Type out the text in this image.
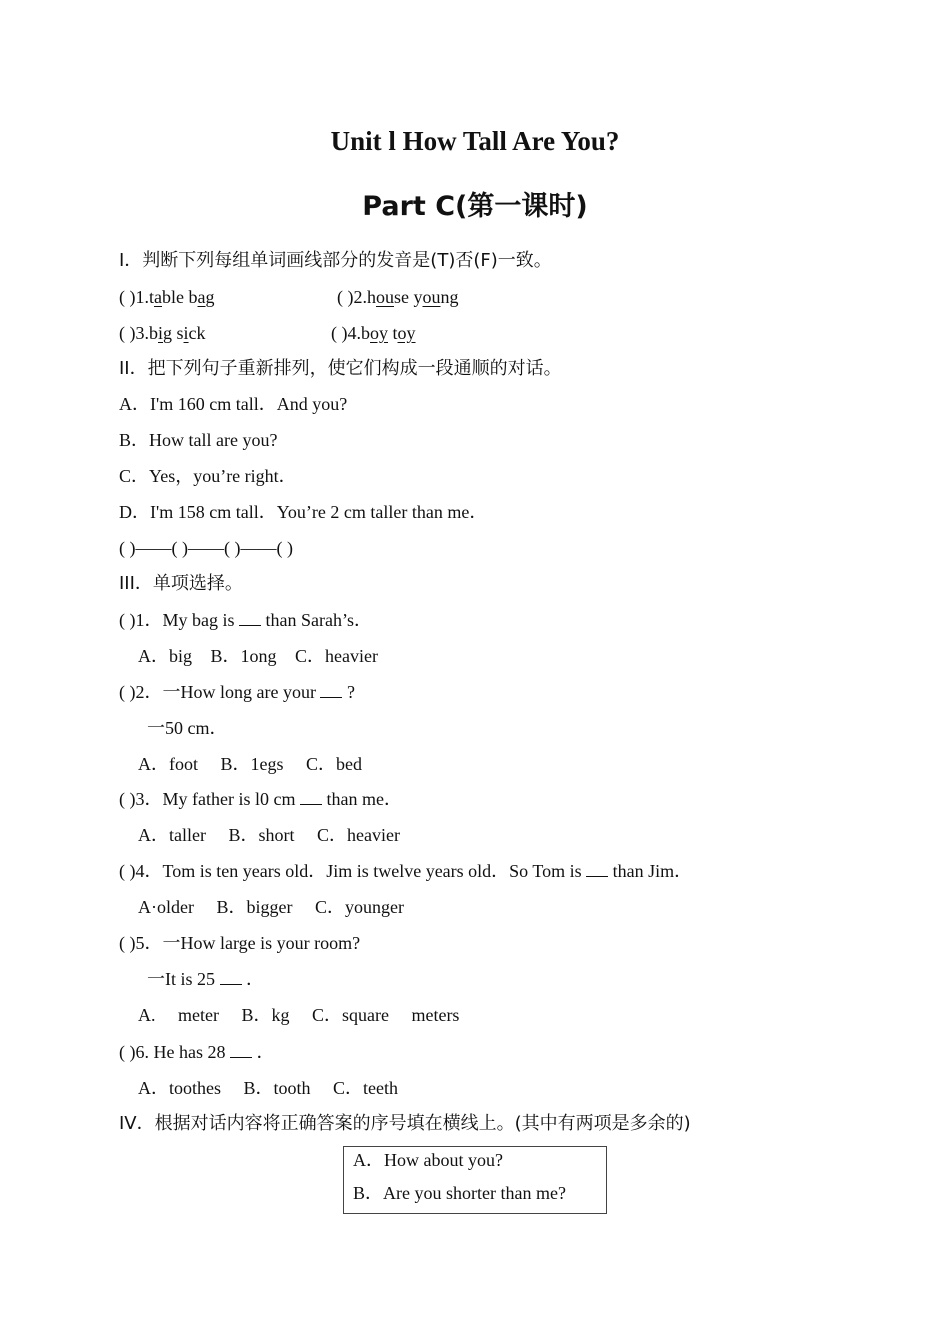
Unit l How Tall Are You?
Part C(第一课时)
I．判断下列每组单词画线部分的发音是(T)否(F)一致。
( )1.table bag	( )2.house young
( )3.big sick	( )4.boy toy
II．把下列句子重新排列，使它们构成一段通顺的对话。
A．I'm 160 cm tall．And you?
B．How tall are you?
C．Yes，you’re right．
D．I'm 158 cm tall．You’re 2 cm taller than me．
( )——( )——( )——( )
III．单项选择。
( )1．My bag is  than Sarah’s．
A．big B．1ong C．heavier
( )2．一How long are your  ?
一50 cm．
A．foot B．1egs C．bed
( )3．My father is l0 cm  than me．
A．taller B．short C．heavier
( )4．Tom is ten years old．Jim is twelve years old．So Tom is  than Jim．
A·older B．bigger C．younger
( )5．一How large is your room?
一It is 25  ．
A. meter B．kg C．square meters
( )6. He has 28  ．
A．toothes B．tooth C．teeth
IV．根据对话内容将正确答案的序号填在横线上。(其中有两项是多余的)
A．How about you?
B．Are you shorter than me?
